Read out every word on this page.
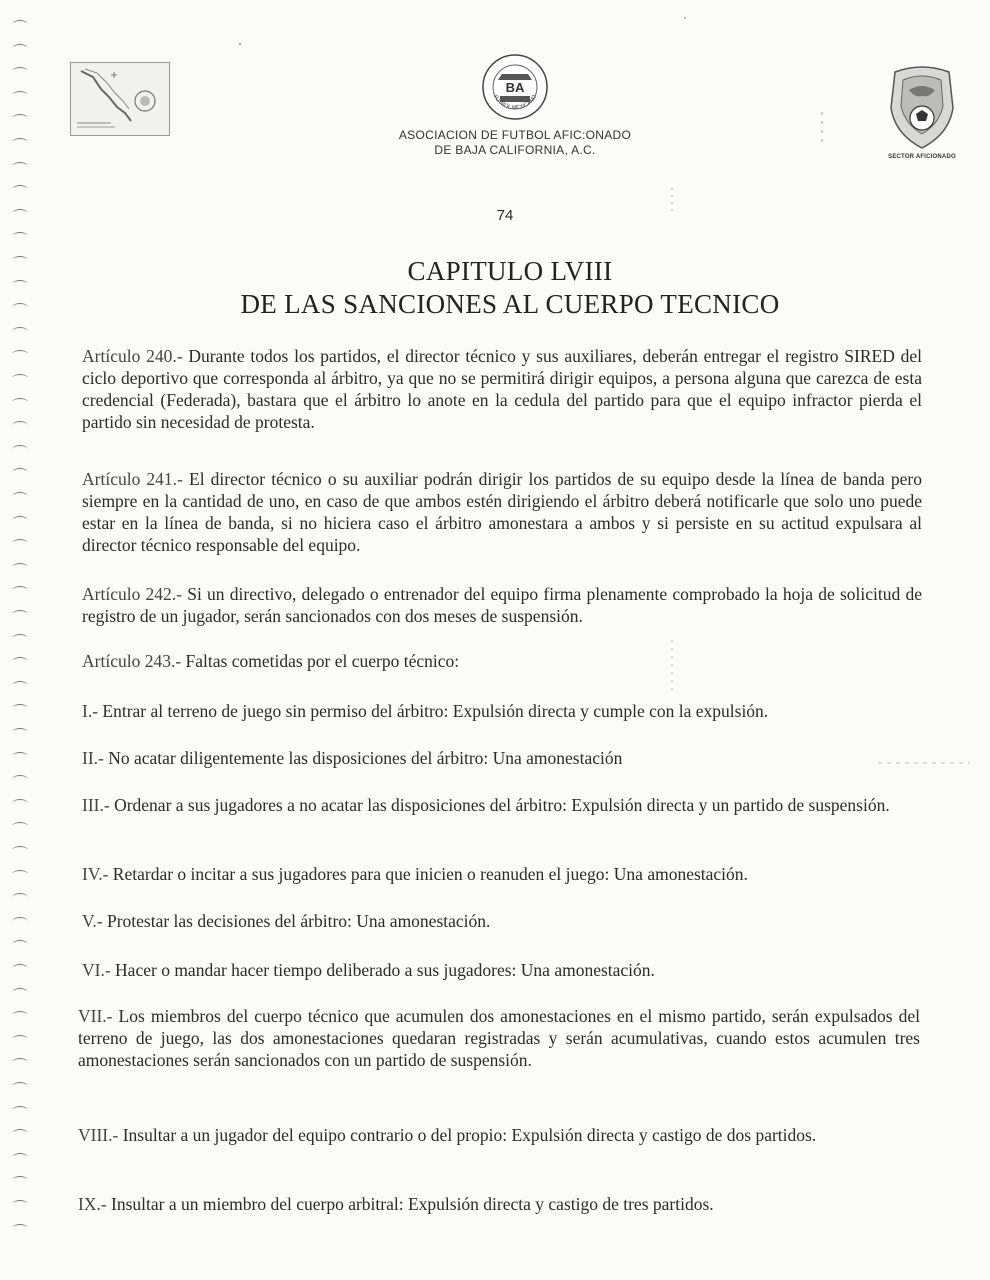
BA
FUTBOL MEXICANO
ASOCIACION DE FUTBOL AFIC:ONADO
DE BAJA CALIFORNIA, A.C.	SECTOR AFICIONADO
74
CAPITULO LVIII
DE LAS SANCIONES AL CUERPO TECNICO

Artículo 240.- Durante todos los partidos, el director técnico y sus auxiliares, deberán entregar el registro SIRED del ciclo deportivo que corresponda al árbitro, ya que no se permitirá dirigir equipos, a persona alguna que carezca de esta credencial (Federada), bastara que el árbitro lo anote en la cedula del partido para que el equipo infractor pierda el partido sin necesidad de protesta.

Artículo 241.- El director técnico o su auxiliar podrán dirigir los partidos de su equipo desde la línea de banda pero siempre en la cantidad de uno, en caso de que ambos estén dirigiendo el árbitro deberá notificarle que solo uno puede estar en la línea de banda, si no hiciera caso el árbitro amonestara a ambos y si persiste en su actitud expulsara al director técnico responsable del equipo.

Artículo 242.- Si un directivo, delegado o entrenador del equipo firma plenamente comprobado la hoja de solicitud de registro de un jugador, serán sancionados con dos meses de suspensión.

Artículo 243.- Faltas cometidas por el cuerpo técnico:

I.- Entrar al terreno de juego sin permiso del árbitro: Expulsión directa y cumple con la expulsión.

II.- No acatar diligentemente las disposiciones del árbitro: Una amonestación

III.- Ordenar a sus jugadores a no acatar las disposiciones del árbitro: Expulsión directa y un partido de suspensión.

IV.- Retardar o incitar a sus jugadores para que inicien o reanuden el juego: Una amonestación.

V.- Protestar las decisiones del árbitro: Una amonestación.

VI.- Hacer o mandar hacer tiempo deliberado a sus jugadores: Una amonestación.

VII.- Los miembros del cuerpo técnico que acumulen dos amonestaciones en el mismo partido, serán expulsados del terreno de juego, las dos amonestaciones quedaran registradas y serán acumulativas, cuando estos acumulen tres amonestaciones serán sancionados con un partido de suspensión.

VIII.- Insultar a un jugador del equipo contrario o del propio: Expulsión directa y castigo de dos partidos.

IX.- Insultar a un miembro del cuerpo arbitral: Expulsión directa y castigo de tres partidos.
